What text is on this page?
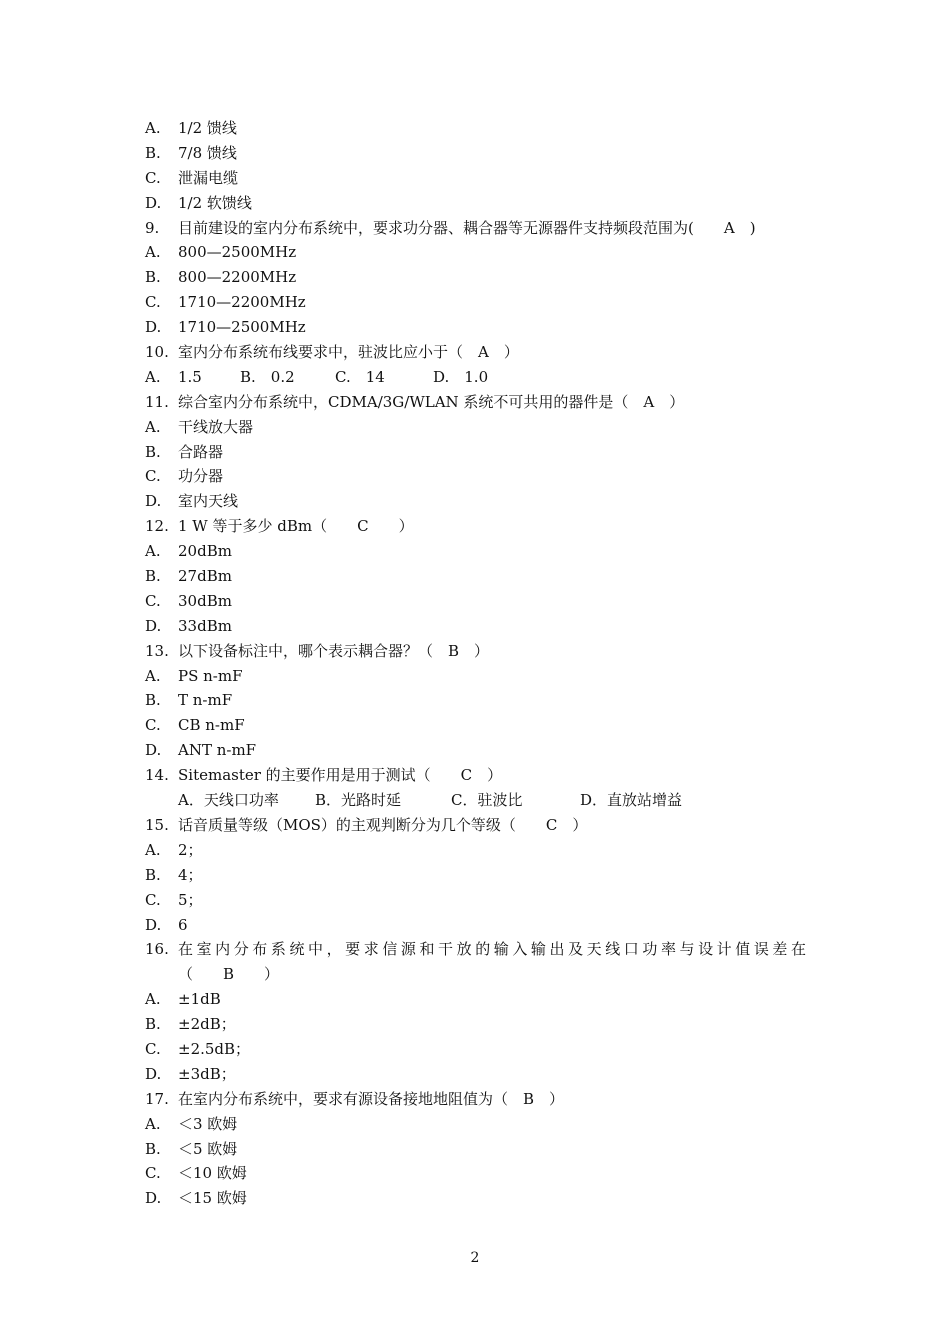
A. 1/2 馈线
B. 7/8 馈线
C. 泄漏电缆
D. 1/2 软馈线
9. 目前建设的室内分布系统中，要求功分器、耦合器等无源器件支持频段范围为(　　A　)
A. 800—2500MHz
B. 800—2200MHz
C. 1710—2200MHz
D. 1710—2500MHz
10. 室内分布系统布线要求中，驻波比应小于（　A　）
A. 1.5	B.　0.2	C.　14	D.　1.0
11. 综合室内分布系统中，CDMA/3G/WLAN 系统不可共用的器件是（　A　）
A. 干线放大器
B. 合路器
C. 功分器
D. 室内天线
12. 1 W 等于多少 dBm（　　C　　）
A. 20dBm
B. 27dBm
C. 30dBm
D. 33dBm
13. 以下设备标注中，哪个表示耦合器？（　B　）
A. PS n-mF
B. T n-mF
C. CB n-mF
D. ANT n-mF
14. Sitemaster 的主要作用是用于测试（　　C　）
A．天线口功率 B．光路时延	C．驻波比	D．直放站增益
15. 话音质量等级（MOS）的主观判断分为几个等级（　　C　）
A. 2；
B. 4；
C. 5；
D. 6
16. 在室内分布系统中，要求信源和干放的输入输出及天线口功率与设计值误差在
（　　B　　）
A. ±1dB
B. ±2dB；
C. ±2.5dB；
D. ±3dB；
17. 在室内分布系统中，要求有源设备接地地阻值为（　B　）
A. ＜3 欧姆
B. ＜5 欧姆
C. ＜10 欧姆
D. ＜15 欧姆
2
